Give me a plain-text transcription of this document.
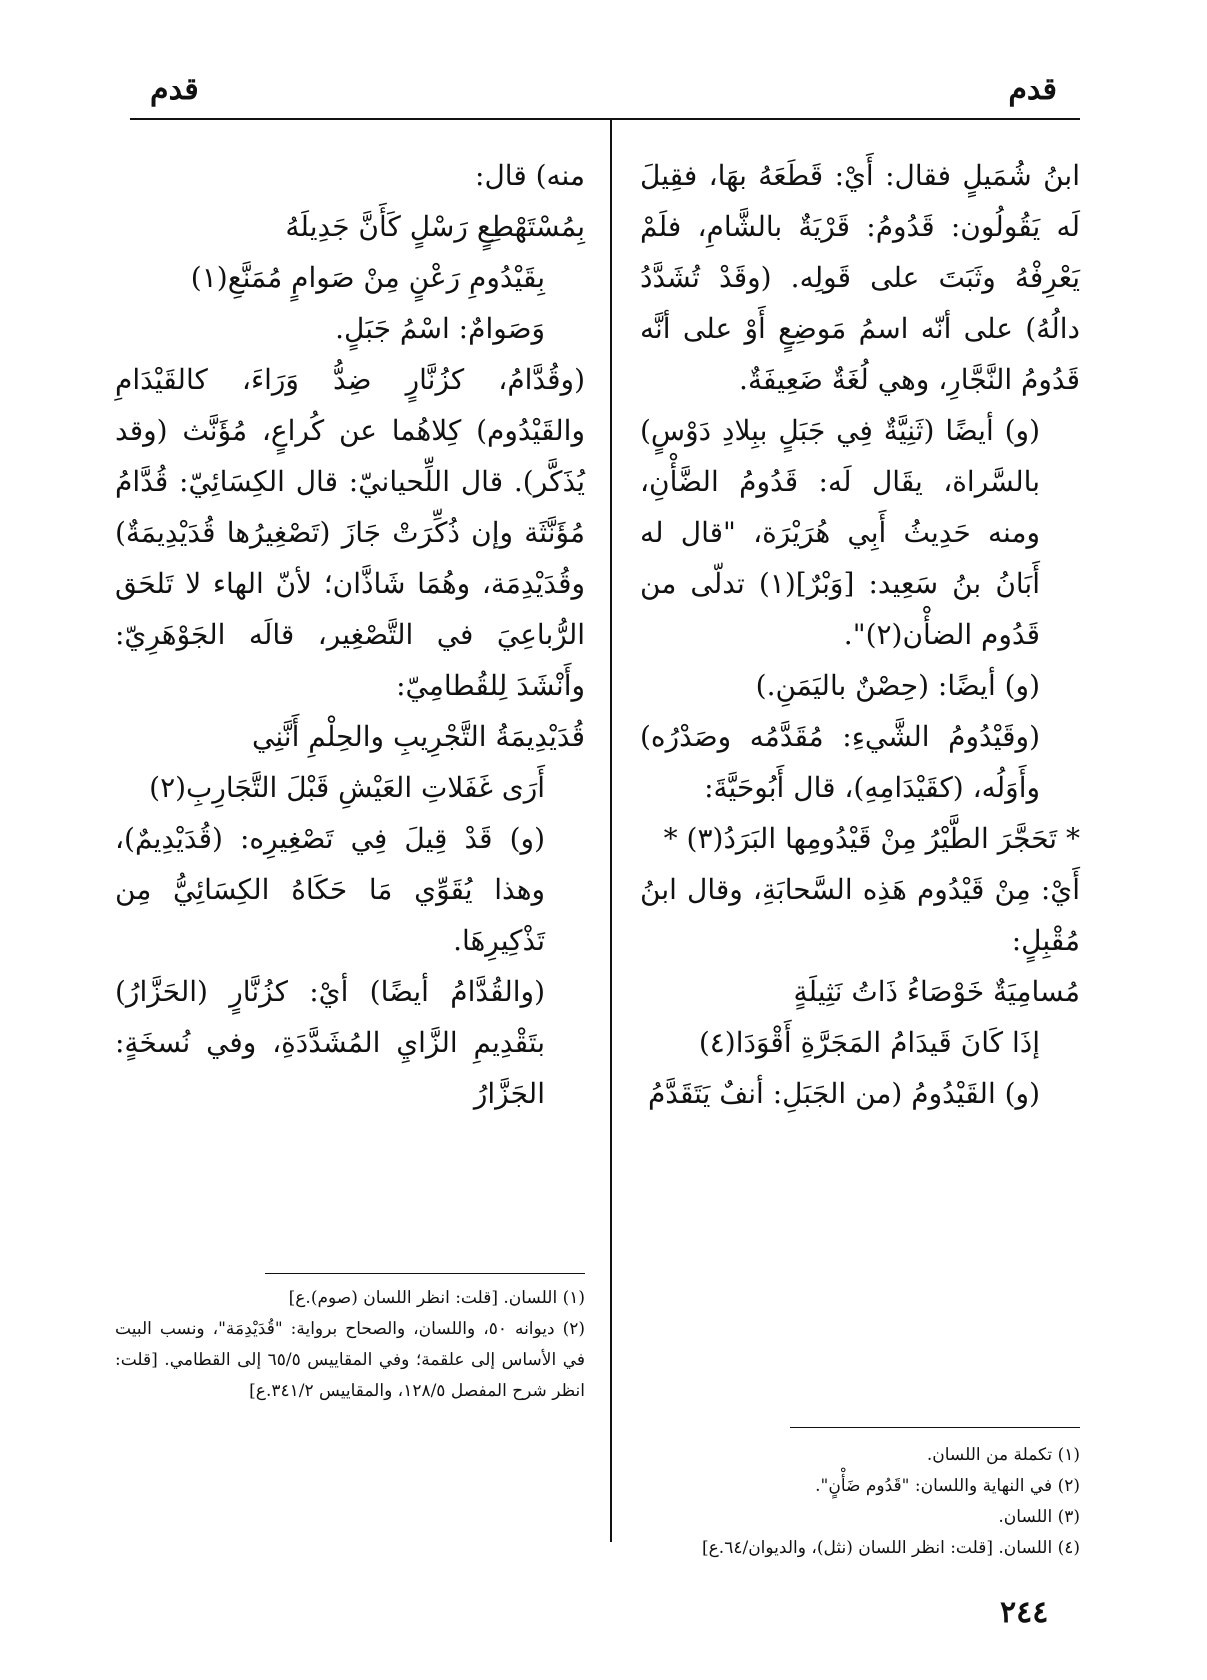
قدم
قدم

ابنُ شُمَيلٍ فقال: أَيْ: قَطَعَهُ بهَا، فقِيلَ لَه يَقُولُون: قَدُومُ: قَرْيَةٌ بالشَّامِ، فلَمْ يَعْرِفْهُ وثَبَتَ على قَولِه. (وقَدْ تُشَدَّدُ دالُهُ) على أنّه اسمُ مَوضِعٍ أَوْ على أنَّه قَدُومُ النَّجَّارِ، وهي لُغَةٌ ضَعِيفَةٌ.

(و) أيضًا (ثَنِيَّةٌ فِي جَبَلٍ ببِلادِ دَوْسٍ) بالسَّراة، يقَال لَه: قَدُومُ الضَّأْنِ، ومنه حَدِيثُ أَبِي هُرَيْرَة، "قال له أَبَانُ بنُ سَعِيد: [وَبْرٌ](١) تدلّى من قَدُوم الضأْن(٢)".

(و) أيضًا: (حِصْنٌ باليَمَنِ.)

(وقَيْدُومُ الشَّيءِ: مُقَدَّمُه وصَدْرُه) وأَوَلُه، (كقَيْدَامِهِ)، قال أَبُوحَيَّةَ:

* تَحَجَّرَ الطَّيْرُ مِنْ قَيْدُومِها البَرَدُ(٣) *

أَيْ: مِنْ قَيْدُوم هَذِه السَّحابَةِ، وقال ابنُ مُقْبِلٍ:

مُسامِيَةٌ خَوْصَاءُ ذَاتُ نَثِيلَةٍ

إذَا كَانَ قَيدَامُ المَجَرَّةِ أَقْوَدَا(٤)

(و) القَيْدُومُ (من الجَبَلِ: أنفٌ يَتَقَدَّمُ

منه) قال:

بِمُسْتَهْطِعٍ رَسْلٍ كَأَنَّ جَدِيلَهُ

بِقَيْدُومِ رَعْنٍ مِنْ صَوامٍ مُمَنَّعِ(١)

وَصَوامٌ: اسْمُ جَبَلٍ.

(وقُدَّامُ، كزُنَّارٍ ضِدُّ وَرَاءَ، كالقَيْدَامِ والقَيْدُوم) كِلاهُما عن كُراعٍ، مُؤَنَّث (وقد يُذَكَّر). قال اللِّحيانيّ: قال الكِسَائِيّ: قُدَّامُ مُؤَنَّثَة وإن ذُكِّرَتْ جَازَ (تَصْغِيرُها قُدَيْدِيمَةٌ) وقُدَيْدِمَة، وهُمَا شَاذَّان؛ لأنّ الهاء لا تَلحَق الرُّباعِيَ في التَّصْغِير، قالَه الجَوْهَرِيّ: وأَنْشَدَ لِلقُطامِيّ:

قُدَيْدِيمَةُ التَّجْرِيبِ والحِلْمِ أَنَّنِي

أَرَى غَفَلاتِ العَيْشِ قَبْلَ التَّجَارِبِ(٢)

(و) قَدْ قِيلَ فِي تَصْغِيرِه: (قُدَيْدِيمٌ)، وهذا يُقَوِّي مَا حَكَاهُ الكِسَائِيُّ مِن تَذْكِيرِهَا.

(والقُدَّامُ أيضًا) أيْ: كزُنَّارٍ (الحَزَّارُ) بتَقْدِيمِ الزَّايِ المُشَدَّدَةِ، وفي نُسخَةٍ: الجَزَّارُ

(١) تكملة من اللسان.

(٢) في النهاية واللسان: "قَدُوم ضَأْنٍ".

(٣) اللسان.

(٤) اللسان. [قلت: انظر اللسان (نثل)، والديوان/٦٤.ع]

(١) اللسان. [قلت: انظر اللسان (صوم).ع]

(٢) ديوانه ٥٠، واللسان، والصحاح برواية: "قُدَيْدِمَة"، ونسب البيت في الأساس إلى علقمة؛ وفي المقاييس ٦٥/٥ إلى القطامي. [قلت: انظر شرح المفصل ١٢٨/٥، والمقاييس ٣٤١/٢.ع]

٢٤٤
